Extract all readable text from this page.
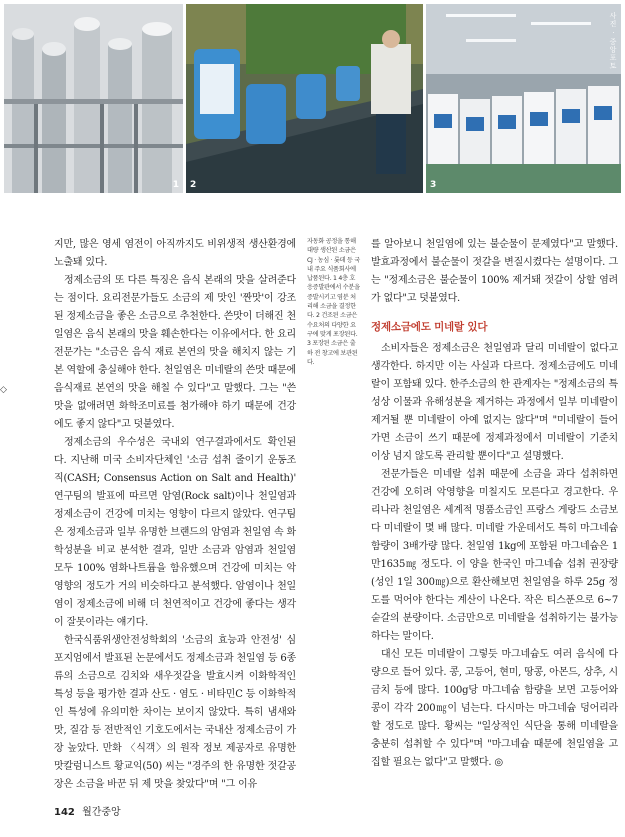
1 2	3
사진 · 중앙포토
◇

지만, 많은 영세 염전이 아직까지도 비위생적 생산환경에 노출돼 있다.

정제소금의 또 다른 특징은 음식 본래의 맛을 살려준다는 점이다. 요리전문가들도 소금의 제 맛인 '짠맛'이 강조된 정제소금을 좋은 소금으로 추천한다. 쓴맛이 더해진 천일염은 음식 본래의 맛을 훼손한다는 이유에서다. 한 요리전문가는 "소금은 음식 재료 본연의 맛을 해치지 않는 기본 역할에 충실해야 한다. 천일염은 미네랄의 쓴맛 때문에 음식재료 본연의 맛을 해칠 수 있다"고 말했다. 그는 "쓴맛을 없애려면 화학조미료를 첨가해야 하기 때문에 건강에도 좋지 않다"고 덧붙였다.

정제소금의 우수성은 국내외 연구결과에서도 확인된다. 지난해 미국 소비자단체인 '소금 섭취 줄이기 운동조직(CASH; Consensus Action on Salt and Health)' 연구팀의 발표에 따르면 암염(Rock salt)이나 천일염과 정제소금이 건강에 미치는 영향이 다르지 않았다. 연구팀은 정제소금과 일부 유명한 브랜드의 암염과 천일염 속 화학성분을 비교 분석한 결과, 일반 소금과 암염과 천일염 모두 100% 염화나트륨을 함유했으며 건강에 미치는 악영향의 정도가 거의 비슷하다고 분석했다. 암염이나 천일염이 정제소금에 비해 더 천연적이고 건강에 좋다는 생각이 잘못이라는 얘기다.

한국식품위생안전성학회의 '소금의 효능과 안전성' 심포지엄에서 발표된 논문에서도 정제소금과 천일염 등 6종류의 소금으로 김치와 새우젓갈을 발효시켜 이화학적인 특성 등을 평가한 결과 산도 · 염도 · 비타민C 등 이화학적인 특성에 유의미한 차이는 보이지 않았다. 특히 냄새와 맛, 질감 등 전반적인 기호도에서는 국내산 정제소금이 가장 높았다. 만화 〈식객〉의 원작 정보 제공자로 유명한 맛칼럼니스트 황교익(50) 씨는 "경주의 한 유명한 젓갈공장은 소금을 바꾼 뒤 제 맛을 찾았다"며 "그 이유

자동화 공정을 통해 대량 생산된 소금은 CJ · 농심 · 롯데 등 국내 주요 식품회사에 납품된다. 1 4층 호응증발관에서 수분을 증발시키고 염분 처리해 소금을 결정한다. 2 건조된 소금은 수요처의 다양한 요구에 맞게 포장된다. 3 포장된 소금은 출하 전 창고에 보관된다.

를 알아보니 천일염에 있는 불순물이 문제였다"고 말했다. 발효과정에서 불순물이 젓갈을 변질시켰다는 설명이다. 그는 "정제소금은 불순물이 100% 제거돼 젓갈이 상할 염려가 없다"고 덧붙였다.

정제소금에도 미네랄 있다

소비자들은 정제소금은 천일염과 달리 미네랄이 없다고 생각한다. 하지만 이는 사실과 다르다. 정제소금에도 미네랄이 포함돼 있다. 한주소금의 한 관계자는 "정제소금의 특성상 이물과 유해성분을 제거하는 과정에서 일부 미네랄이 제거될 뿐 미네랄이 아예 없지는 않다"며 "미네랄이 들어가면 소금이 쓰기 때문에 정제과정에서 미네랄이 기준치 이상 넘지 않도록 관리할 뿐이다"고 설명했다.

전문가들은 미네랄 섭취 때문에 소금을 과다 섭취하면 건강에 오히려 악영향을 미칠지도 모른다고 경고한다. 우리나라 천일염은 세계적 명품소금인 프랑스 게랑드 소금보다 미네랄이 몇 배 많다. 미네랄 가운데서도 특히 마그네슘 함량이 3배가량 많다. 천일염 1kg에 포함된 마그네슘은 1만1635㎎ 정도다. 이 양을 한국인 마그네슘 섭취 권장량(성인 1일 300㎎)으로 환산해보면 천일염을 하루 25g 정도를 먹어야 한다는 계산이 나온다. 작은 티스푼으로 6~7숟갈의 분량이다. 소금만으로 미네랄을 섭취하기는 불가능하다는 말이다.

대신 모든 미네랄이 그렇듯 마그네슘도 여러 음식에 다량으로 들어 있다. 콩, 고등어, 현미, 땅콩, 아몬드, 상추, 시금치 등에 많다. 100g당 마그네슘 함량을 보면 고등어와 콩이 각각 200㎎이 넘는다. 다시마는 마그네슘 덩어리라 할 정도로 많다. 황씨는 "일상적인 식단을 통해 미네랄을 충분히 섭취할 수 있다"며 "마그네슘 때문에 천일염을 고집할 필요는 없다"고 말했다. ◎

142 월간중앙
